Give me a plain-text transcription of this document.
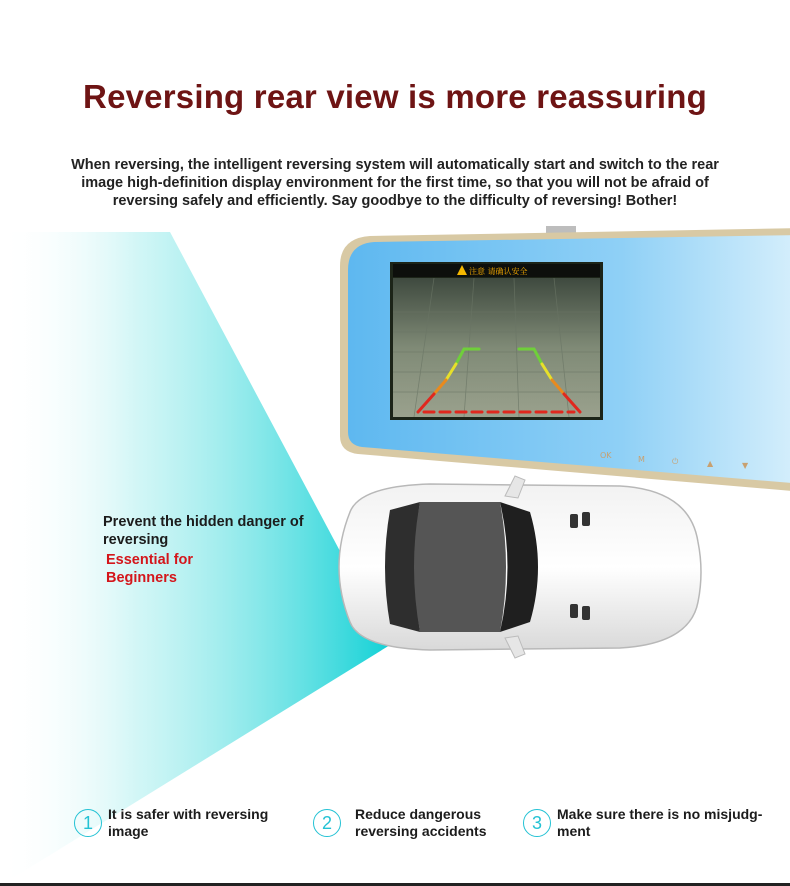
Reversing rear view is more reassuring
When reversing, the intelligent reversing system will automatically start and switch to the rear image high-definition display environment for the first time, so that you will not be afraid of reversing safely and efficiently. Say goodbye to the difficulty of reversing! Bother!
注意 请确认安全
OK	M	⏻	▲	▼
Prevent the hidden danger of reversing
Essential for Beginners
1	It is safer with reversing image	2	Reduce dangerous reversing accidents	3	Make sure there is no misjudg- ment
